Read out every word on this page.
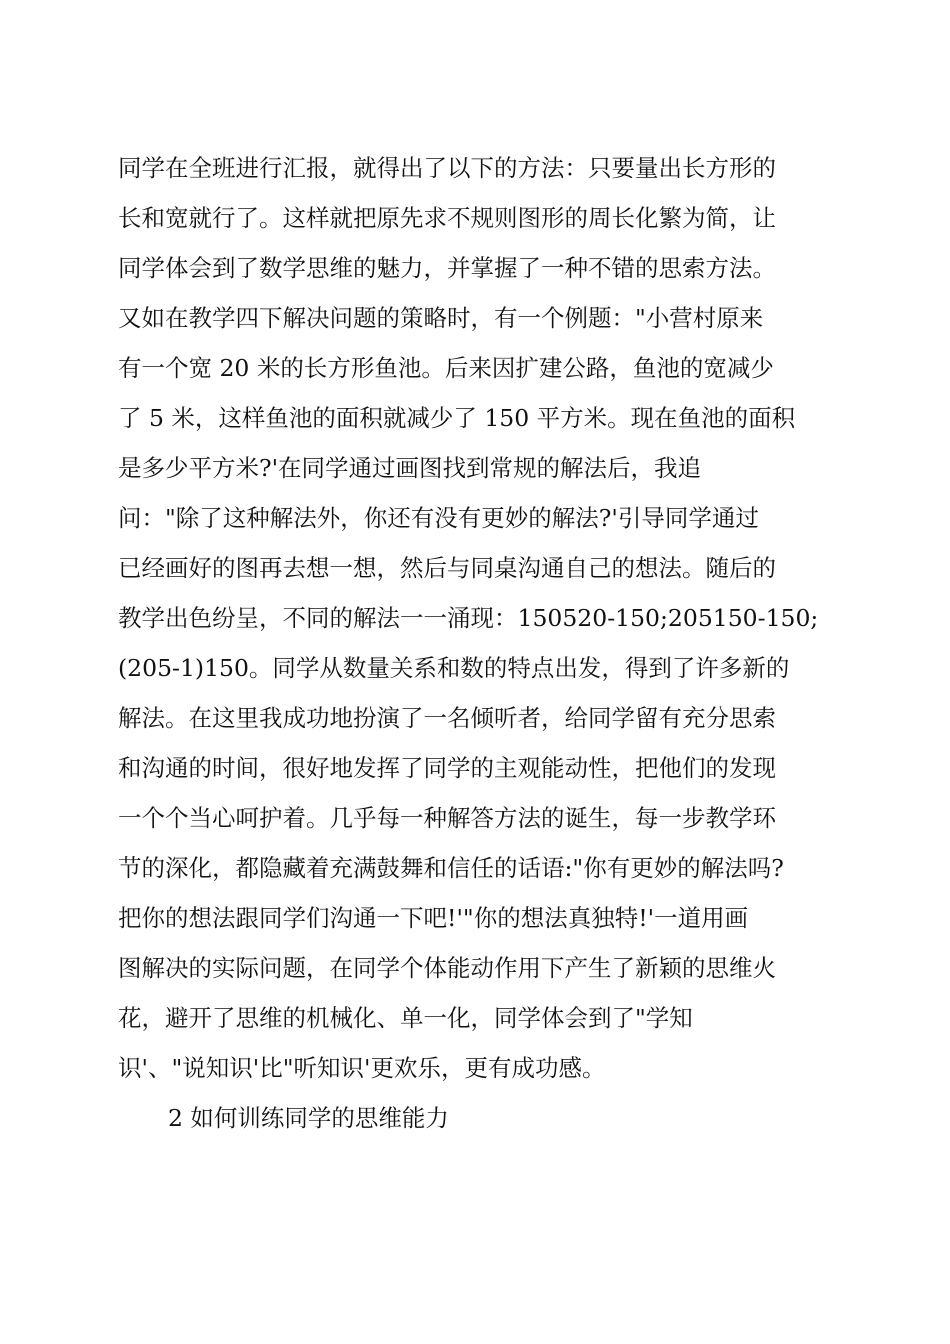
同学在全班进行汇报，就得出了以下的方法：只要量出长方形的
长和宽就行了。这样就把原先求不规则图形的周长化繁为简，让
同学体会到了数学思维的魅力，并掌握了一种不错的思索方法。
又如在教学四下解决问题的策略时，有一个例题："小营村原来
有一个宽 20 米的长方形鱼池。后来因扩建公路，鱼池的宽减少
了 5 米，这样鱼池的面积就减少了 150 平方米。现在鱼池的面积
是多少平方米?'在同学通过画图找到常规的解法后，我追
问："除了这种解法外，你还有没有更妙的解法?'引导同学通过
已经画好的图再去想一想，然后与同桌沟通自己的想法。随后的
教学出色纷呈，不同的解法一一涌现：150520-150;205150-150;
(205-1)150。同学从数量关系和数的特点出发，得到了许多新的
解法。在这里我成功地扮演了一名倾听者，给同学留有充分思索
和沟通的时间，很好地发挥了同学的主观能动性，把他们的发现
一个个当心呵护着。几乎每一种解答方法的诞生，每一步教学环
节的深化，都隐藏着充满鼓舞和信任的话语:"你有更妙的解法吗?
把你的想法跟同学们沟通一下吧!'"你的想法真独特!'一道用画
图解决的实际问题，在同学个体能动作用下产生了新颖的思维火
花，避开了思维的机械化、单一化，同学体会到了"学知
识'、"说知识'比"听知识'更欢乐，更有成功感。
2 如何训练同学的思维能力
